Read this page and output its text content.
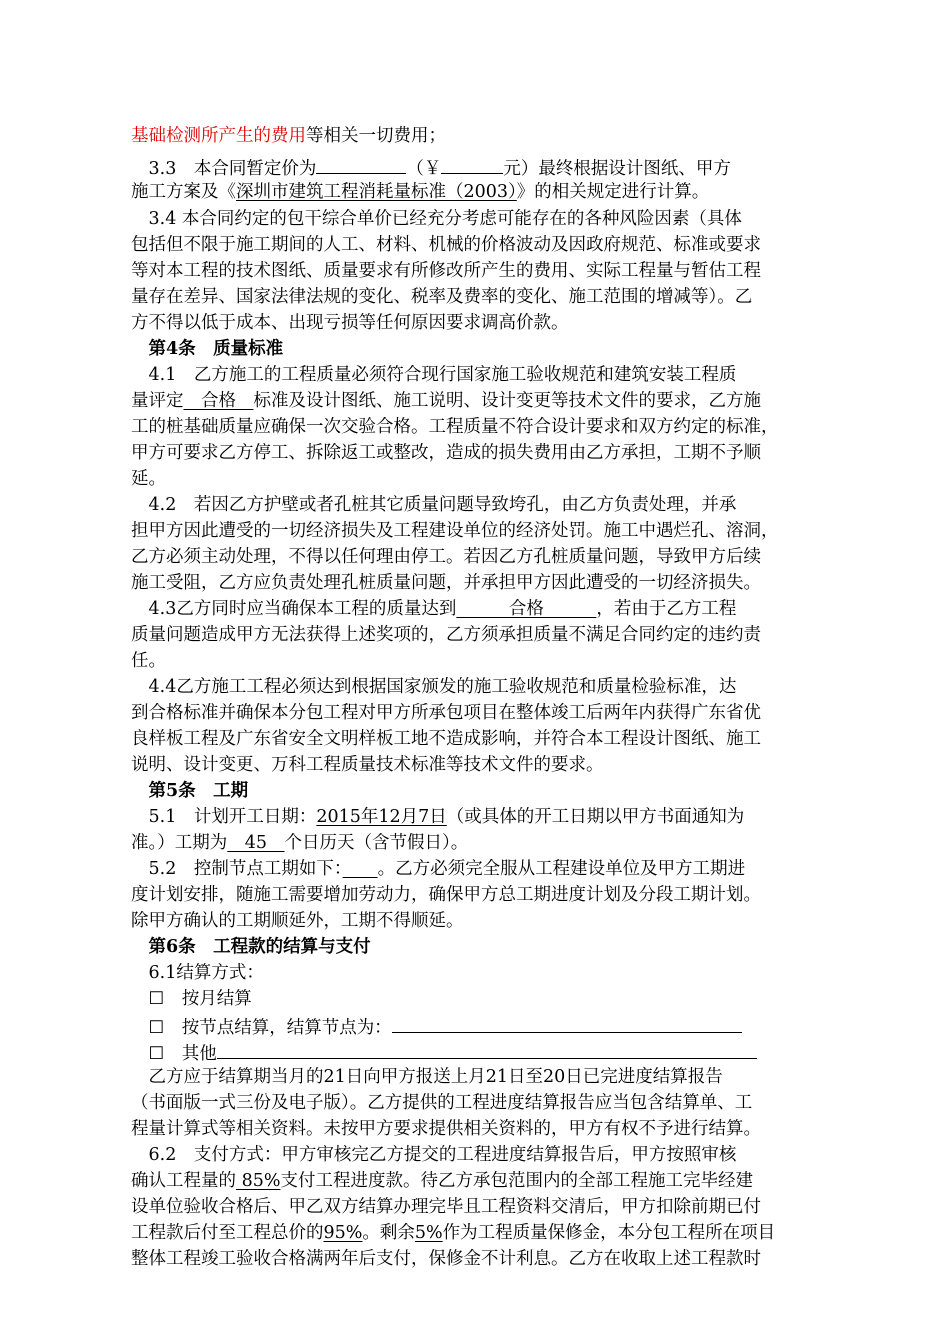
基础检测所产生的费用等相关一切费用；
　3.3　本合同暂定价为	（￥	元）最终根据设计图纸、甲方
施工方案及《深圳市建筑工程消耗量标准（2003）》的相关规定进行计算。
　3.4 本合同约定的包干综合单价已经充分考虑可能存在的各种风险因素（具体
包括但不限于施工期间的人工、材料、机械的价格波动及因政府规范、标准或要求
等对本工程的技术图纸、质量要求有所修改所产生的费用、实际工程量与暂估工程
量存在差异、国家法律法规的变化、税率及费率的变化、施工范围的增减等）。乙
方不得以低于成本、出现亏损等任何原因要求调高价款。
　第4条　质量标准
　4.1　乙方施工的工程质量必须符合现行国家施工验收规范和建筑安装工程质
量评定　合格　标准及设计图纸、施工说明、设计变更等技术文件的要求，乙方施
工的桩基础质量应确保一次交验合格。工程质量不符合设计要求和双方约定的标准，
甲方可要求乙方停工、拆除返工或整改，造成的损失费用由乙方承担，工期不予顺
延。
　4.2　若因乙方护壁或者孔桩其它质量问题导致垮孔，由乙方负责处理，并承
担甲方因此遭受的一切经济损失及工程建设单位的经济处罚。施工中遇烂孔、溶洞，
乙方必须主动处理，不得以任何理由停工。若因乙方孔桩质量问题，导致甲方后续
施工受阻，乙方应负责处理孔桩质量问题，并承担甲方因此遭受的一切经济损失。
　4.3乙方同时应当确保本工程的质量达到　　　合格　　　，若由于乙方工程
质量问题造成甲方无法获得上述奖项的，乙方须承担质量不满足合同约定的违约责
任。
　4.4乙方施工工程必须达到根据国家颁发的施工验收规范和质量检验标准，达
到合格标准并确保本分包工程对甲方所承包项目在整体竣工后两年内获得广东省优
良样板工程及广东省安全文明样板工地不造成影响，并符合本工程设计图纸、施工
说明、设计变更、万科工程质量技术标准等技术文件的要求。
　第5条　工期
　5.1　计划开工日期：2015年12月7日（或具体的开工日期以甲方书面通知为
准。）工期为　45　个日历天（含节假日）。
　5.2　控制节点工期如下：　　 。乙方必须完全服从工程建设单位及甲方工期进
度计划安排，随施工需要增加劳动力，确保甲方总工期进度计划及分段工期计划。
除甲方确认的工期顺延外，工期不得顺延。
　第6条　工程款的结算与支付
　6.1结算方式：
　☐　按月结算
　☐　按节点结算，结算节点为：
　☐　其他
　乙方应于结算期当月的21日向甲方报送上月21日至20日已完进度结算报告
（书面版一式三份及电子版）。乙方提供的工程进度结算报告应当包含结算单、工
程量计算式等相关资料。未按甲方要求提供相关资料的，甲方有权不予进行结算。
　6.2　支付方式：甲方审核完乙方提交的工程进度结算报告后，甲方按照审核
确认工程量的 85%支付工程进度款。待乙方承包范围内的全部工程施工完毕经建
设单位验收合格后、甲乙双方结算办理完毕且工程资料交清后，甲方扣除前期已付
工程款后付至工程总价的95%。剩余5%作为工程质量保修金，本分包工程所在项目
整体工程竣工验收合格满两年后支付，保修金不计利息。乙方在收取上述工程款时
